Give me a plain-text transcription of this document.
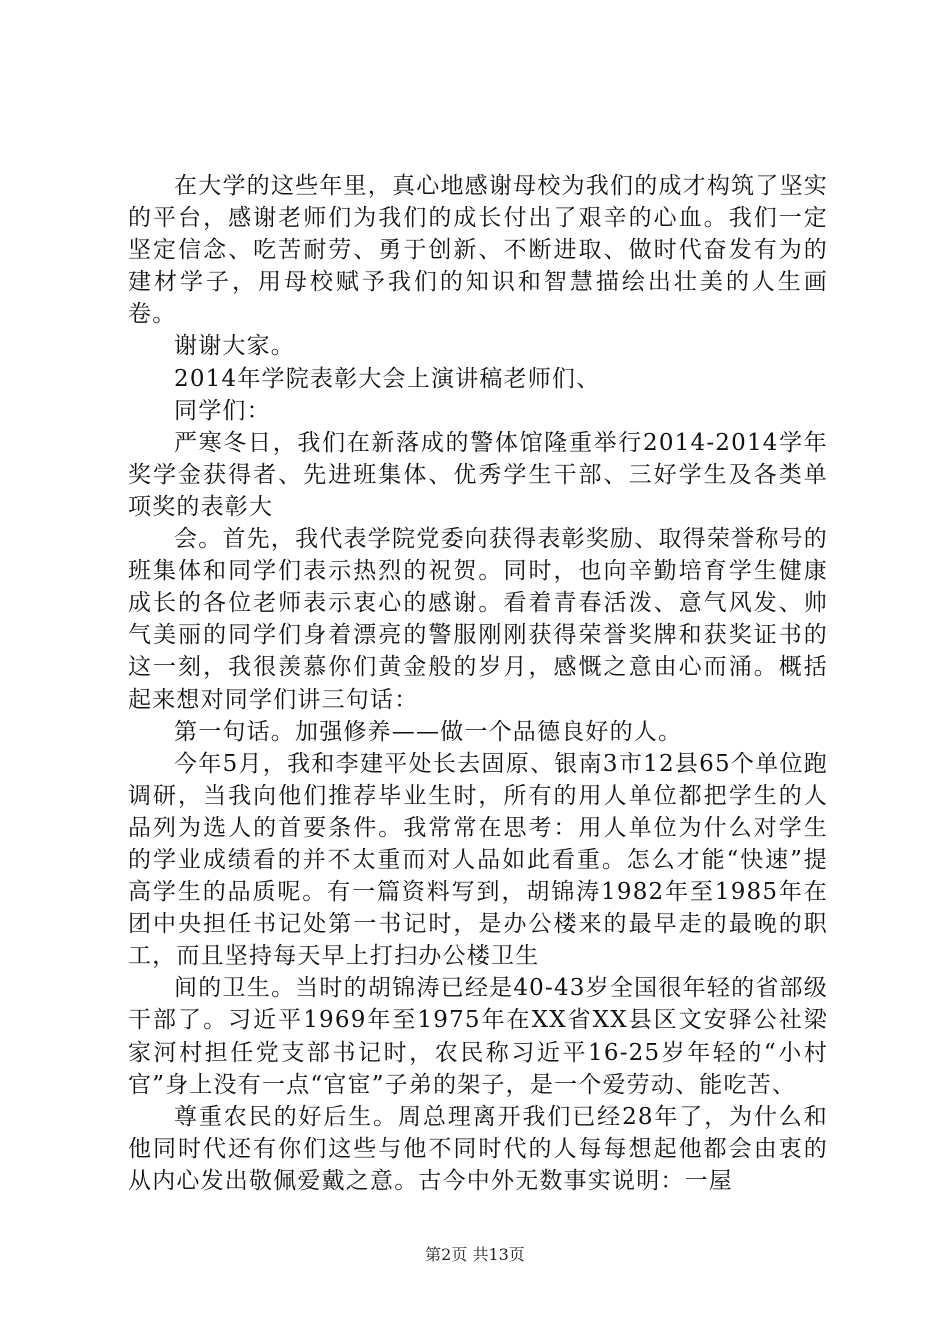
在大学的这些年里，真心地感谢母校为我们的成才构筑了坚实的平台，感谢老师们为我们的成长付出了艰辛的心血。我们一定坚定信念、吃苦耐劳、勇于创新、不断进取、做时代奋发有为的建材学子，用母校赋予我们的知识和智慧描绘出壮美的人生画卷。

谢谢大家。

2014年学院表彰大会上演讲稿老师们、

同学们：

严寒冬日，我们在新落成的警体馆隆重举行2014-2014学年奖学金获得者、先进班集体、优秀学生干部、三好学生及各类单项奖的表彰大

会。首先，我代表学院党委向获得表彰奖励、取得荣誉称号的班集体和同学们表示热烈的祝贺。同时，也向辛勤培育学生健康成长的各位老师表示衷心的感谢。看着青春活泼、意气风发、帅气美丽的同学们身着漂亮的警服刚刚获得荣誉奖牌和获奖证书的这一刻，我很羡慕你们黄金般的岁月，感慨之意由心而涌。概括起来想对同学们讲三句话：

第一句话。加强修养——做一个品德良好的人。

今年5月，我和李建平处长去固原、银南3市12县65个单位跑调研，当我向他们推荐毕业生时，所有的用人单位都把学生的人品列为选人的首要条件。我常常在思考：用人单位为什么对学生的学业成绩看的并不太重而对人品如此看重。怎么才能“快速”提高学生的品质呢。有一篇资料写到，胡锦涛1982年至1985年在团中央担任书记处第一书记时，是办公楼来的最早走的最晚的职工，而且坚持每天早上打扫办公楼卫生

间的卫生。当时的胡锦涛已经是40-43岁全国很年轻的省部级干部了。习近平1969年至1975年在XX省XX县区文安驿公社梁家河村担任党支部书记时，农民称习近平16-25岁年轻的“小村官”身上没有一点“官宦”子弟的架子，是一个爱劳动、能吃苦、

尊重农民的好后生。周总理离开我们已经28年了，为什么和他同时代还有你们这些与他不同时代的人每每想起他都会由衷的从内心发出敬佩爱戴之意。古今中外无数事实说明：一屋

第2页 共13页
